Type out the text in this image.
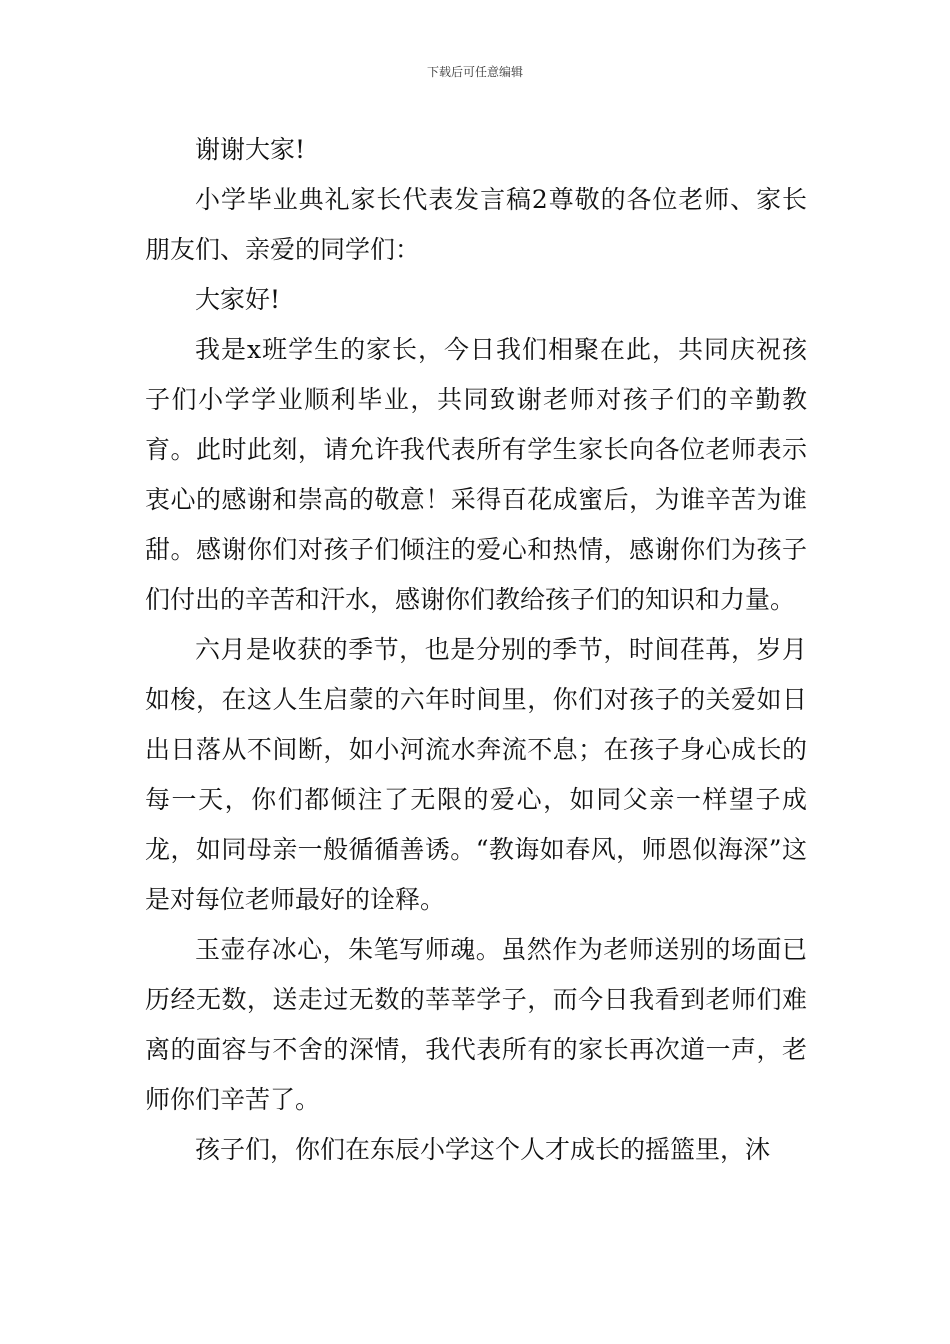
下载后可任意编辑

谢谢大家!

小学毕业典礼家长代表发言稿2尊敬的各位老师、家长朋友们、亲爱的同学们：

大家好!

我是x班学生的家长，今日我们相聚在此，共同庆祝孩子们小学学业顺利毕业，共同致谢老师对孩子们的辛勤教育。此时此刻，请允许我代表所有学生家长向各位老师表示衷心的感谢和崇高的敬意！采得百花成蜜后，为谁辛苦为谁甜。感谢你们对孩子们倾注的爱心和热情，感谢你们为孩子们付出的辛苦和汗水，感谢你们教给孩子们的知识和力量。

六月是收获的季节，也是分别的季节，时间荏苒，岁月如梭，在这人生启蒙的六年时间里，你们对孩子的关爱如日出日落从不间断，如小河流水奔流不息；在孩子身心成长的每一天，你们都倾注了无限的爱心，如同父亲一样望子成龙，如同母亲一般循循善诱。“教诲如春风，师恩似海深”这是对每位老师最好的诠释。

玉壶存冰心，朱笔写师魂。虽然作为老师送别的场面已历经无数，送走过无数的莘莘学子，而今日我看到老师们难离的面容与不舍的深情，我代表所有的家长再次道一声，老师你们辛苦了。

孩子们，你们在东辰小学这个人才成长的摇篮里，沐
